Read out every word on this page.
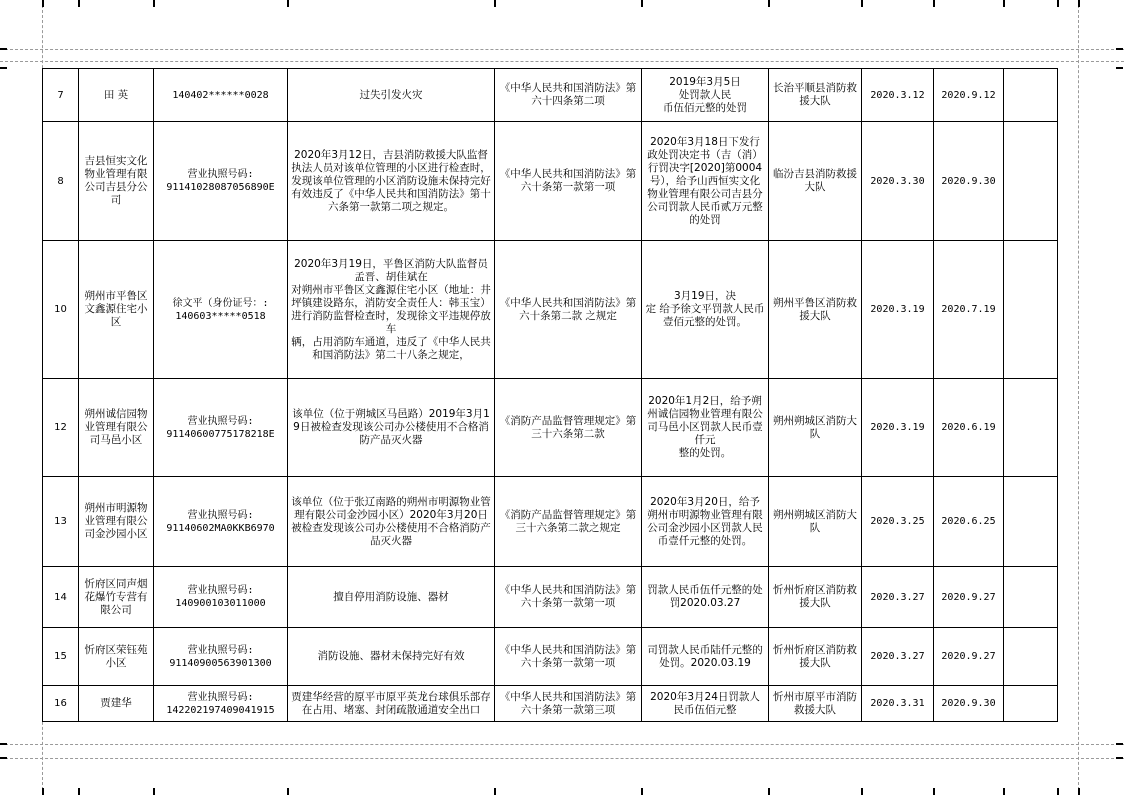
7	田 英	140402******0028	过失引发火灾	《中华人民共和国消防法》第六十四条第二项	2019年3月5日
处罚款人民
币伍佰元整的处罚	长治平顺县消防救援大队	2020.3.12	2020.9.12	
8	吉县恒实文化物业管理有限公司吉县分公司	营业执照号码:
91141028087056890E	2020年3月12日，吉县消防救援大队监督执法人员对该单位管理的小区进行检查时，发现该单位管理的小区消防设施未保持完好有效违反了《中华人民共和国消防法》第十六条第一款第二项之规定。	《中华人民共和国消防法》第六十条第一款第一项	2020年3月18日下发行政处罚决定书（吉（消）行罚决字[2020]第0004号），给予山西恒实文化物业管理有限公司吉县分公司罚款人民币贰万元整的处罚	临汾吉县消防救援大队	2020.3.30	2020.9.30	
10	朔州市平鲁区文鑫源住宅小区	徐文平（身份证号：:
140603*****0518	2020年3月19日，平鲁区消防大队监督员孟晋、胡佳斌在
对朔州市平鲁区文鑫源住宅小区（地址：井坪镇建设路东，消防安全责任人：韩玉宝）进行消防监督检查时，发现徐文平违规停放车
辆，占用消防车通道，违反了《中华人民共和国消防法》第二十八条之规定，	《中华人民共和国消防法》第六十条第二款 之规定	3月19日，决
定 给予徐文平罚款人民币壹佰元整的处罚。	朔州平鲁区消防救援大队	2020.3.19	2020.7.19	
12	朔州诚信园物业管理有限公司马邑小区	营业执照号码:
91140600775178218E	该单位（位于朔城区马邑路）2019年3月19日被检查发现该公司办公楼使用不合格消防产品灭火器	《消防产品监督管理规定》第三十六条第二款	2020年1月2日，给予朔州诚信园物业管理有限公司马邑小区罚款人民币壹仟元
整的处罚。	朔州朔城区消防大队	2020.3.19	2020.6.19	
13	朔州市明源物
业管理有限公司金沙园小区	营业执照号码:
91140602MA0KKB6970	该单位（位于张辽南路的朔州市明源物业管理有限公司金沙园小区）2020年3月20日被检查发现该公司办公楼使用不合格消防产品灭火器	《消防产品监督管理规定》第三十六条第二款之规定	2020年3月20日，给予朔州市明源物业管理有限公司金沙园小区罚款人民币壹仟元整的处罚。	朔州朔城区消防大队	2020.3.25	2020.6.25	
14	忻府区同声烟花爆竹专营有限公司	营业执照号码:
140900103011000	擅自停用消防设施、器材	《中华人民共和国消防法》第六十条第一款第一项	罚款人民币伍仟元整的处罚2020.03.27	忻州忻府区消防救援大队	2020.3.27	2020.9.27	
15	忻府区荣钰苑小区	营业执照号码:
91140900563901300	消防设施、器材未保持完好有效	《中华人民共和国消防法》第六十条第一款第一项	司罚款人民币陆仟元整的处罚。2020.03.19	忻州忻府区消防救援大队	2020.3.27	2020.9.27	
16	贾建华	营业执照号码:
142202197409041915	贾建华经营的原平市原平英龙台球俱乐部存在占用、堵塞、封闭疏散通道安全出口	《中华人民共和国消防法》第六十条第一款第三项	2020年3月24日罚款人民币伍佰元整	忻州市原平市消防救援大队	2020.3.31	2020.9.30	
